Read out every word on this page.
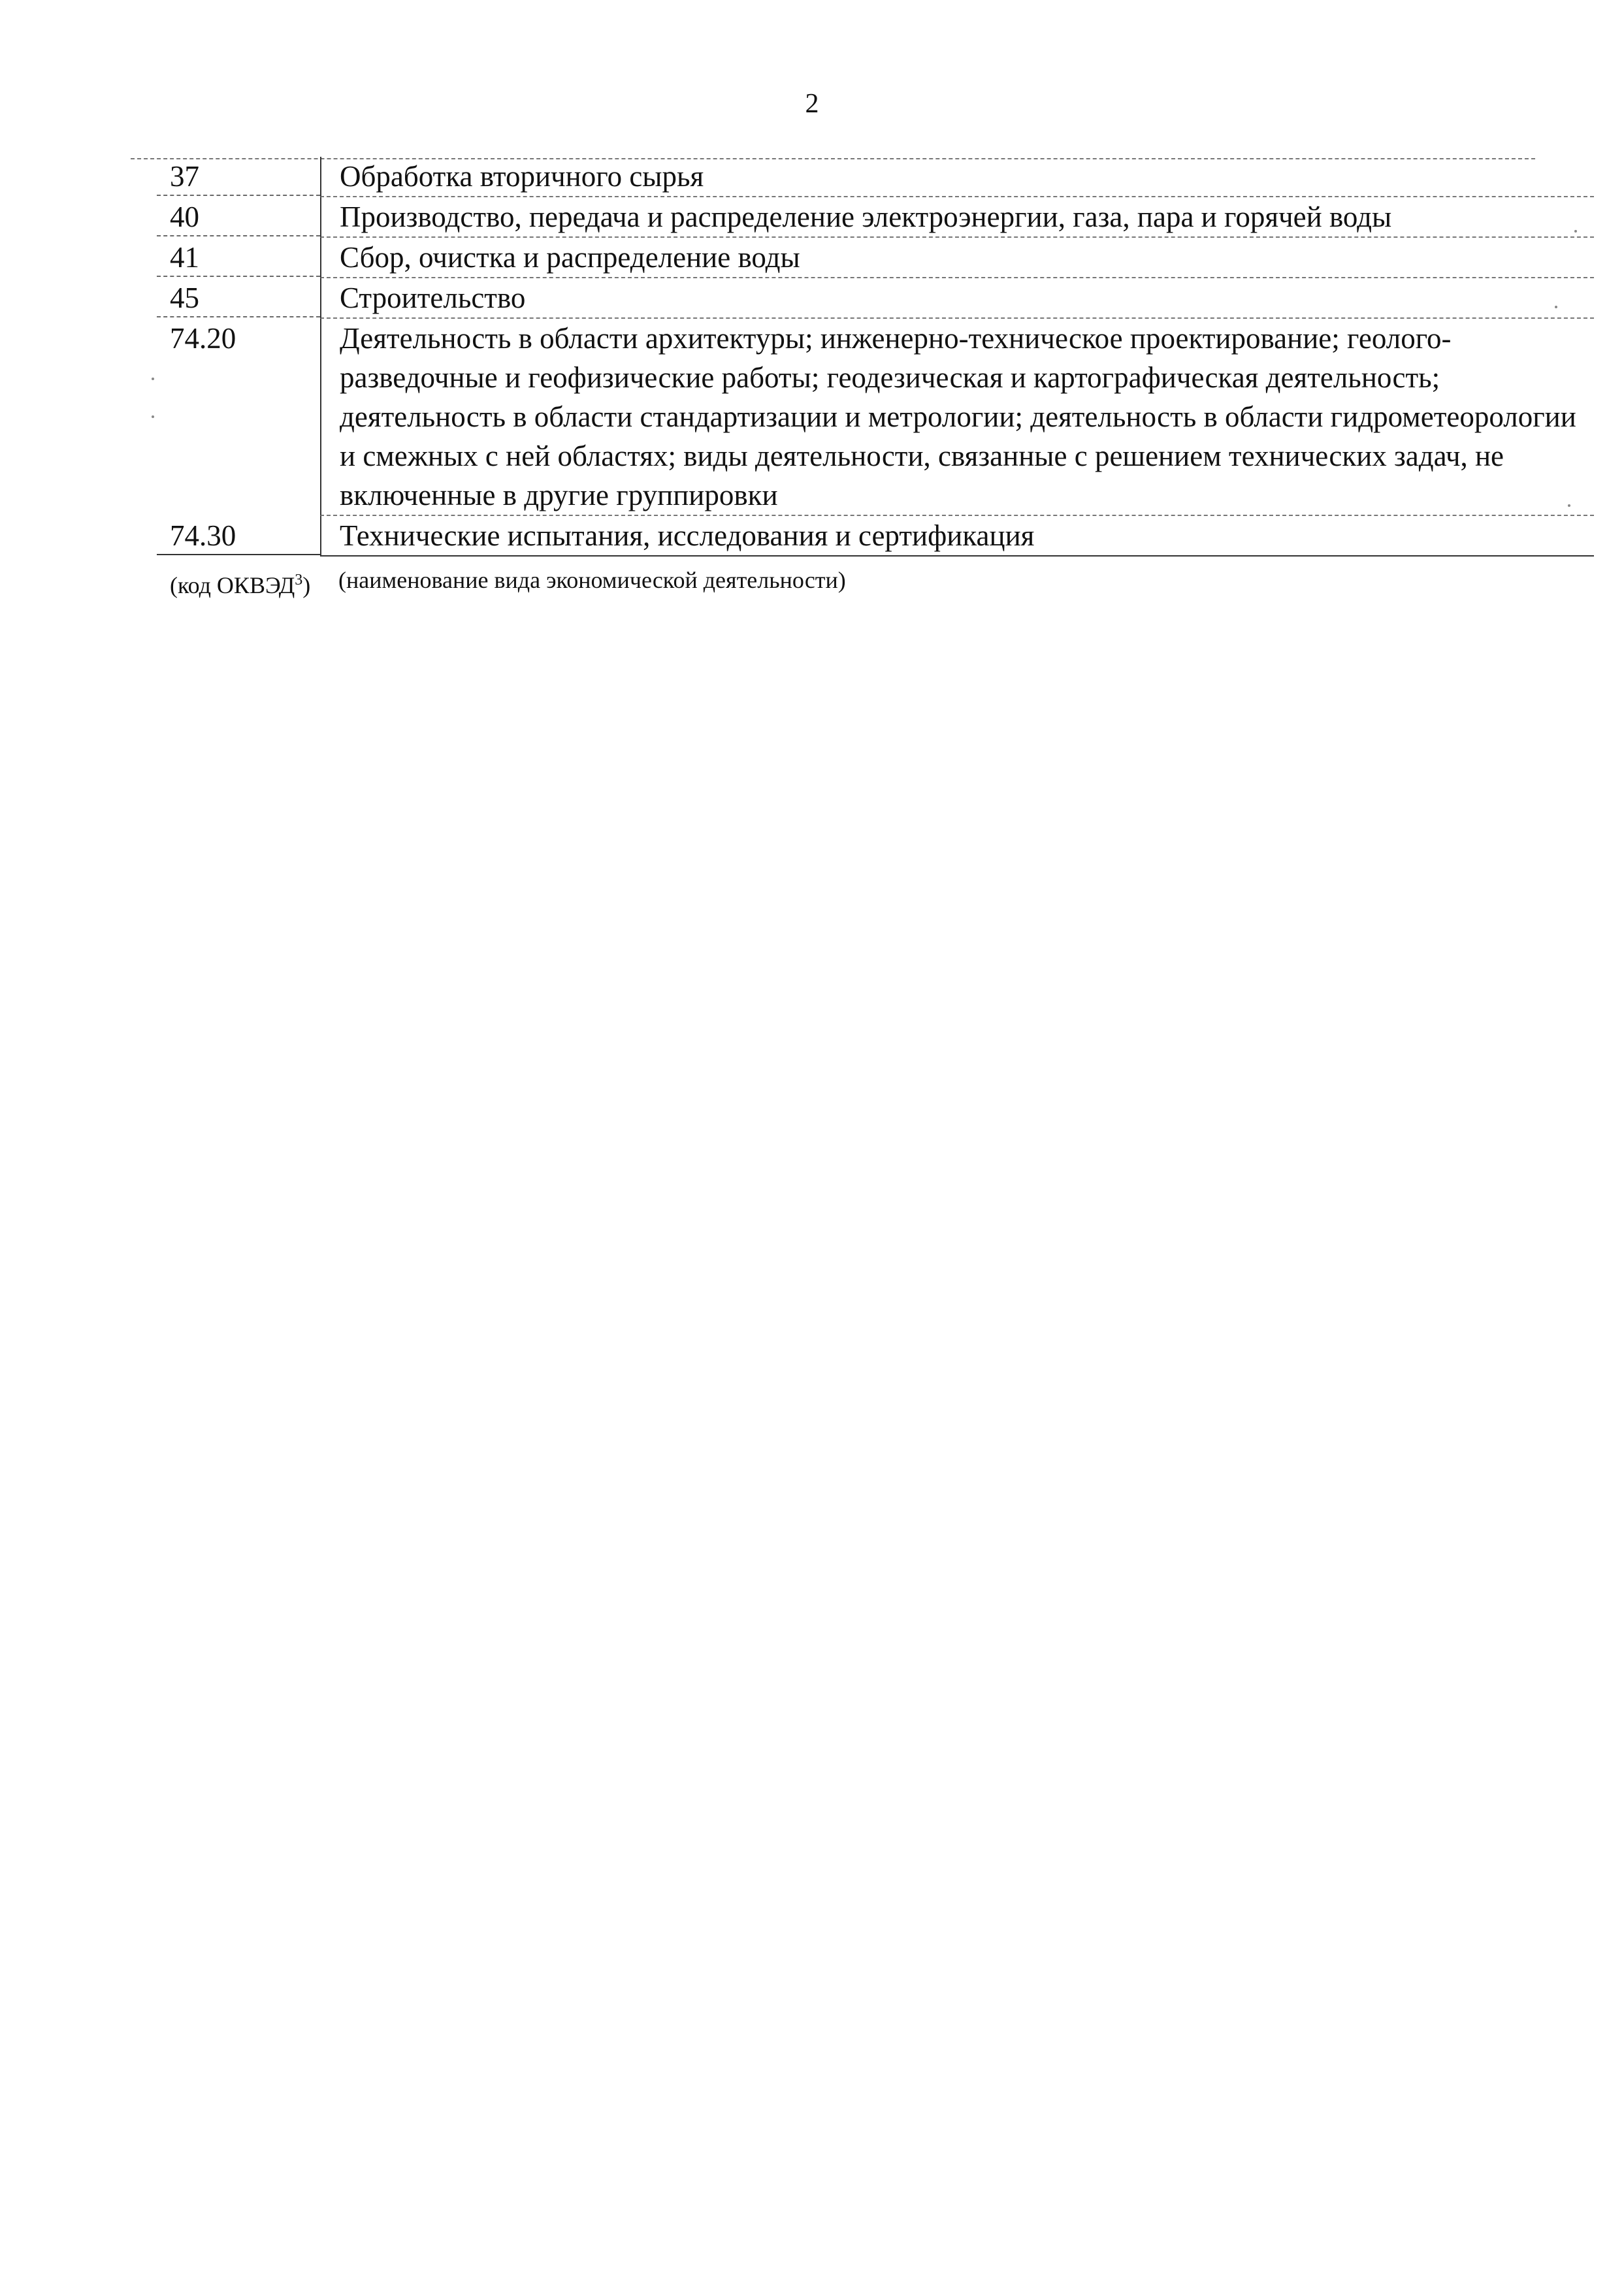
2
37	Обработка вторичного сырья
40	Производство, передача и распределение электроэнергии, газа, пара и горячей воды
41	Сбор, очистка и распределение воды
45	Строительство
74.20	Деятельность в области архитектуры; инженерно-техническое проектирование; геолого-разведочные и геофизические работы; геодезическая и картографическая деятельность; деятельность в области стандартизации и метрологии; деятельность в области гидрометеорологии и смежных с ней областях; виды деятельности, связанные с решением технических задач, не включенные в другие группировки
74.30	Технические испытания, исследования и сертификация
(код ОКВЭД$^3$)	(наименование вида экономической деятельности)
